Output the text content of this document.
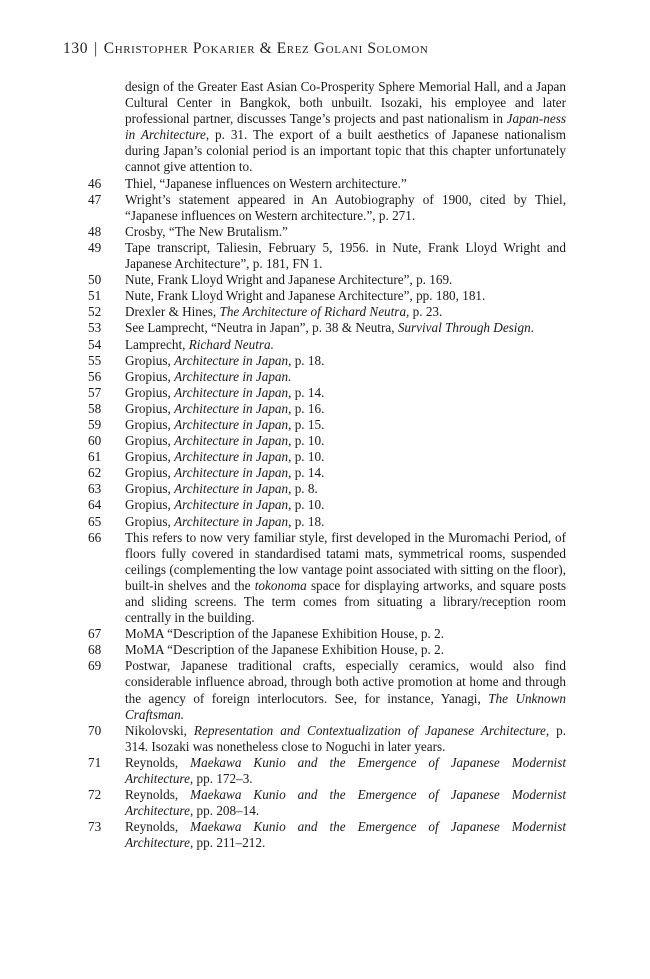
130 | Christopher Pokarier & Erez Golani Solomon
design of the Greater East Asian Co-Prosperity Sphere Memorial Hall, and a Japan Cultural Center in Bangkok, both unbuilt. Isozaki, his employee and later professional partner, discusses Tange’s projects and past nationalism in Japan-ness in Architecture, p. 31. The export of a built aesthetics of Japanese nationalism during Japan’s colonial period is an important topic that this chapter unfortunately cannot give attention to.
46	Thiel, “Japanese influences on Western architecture.”
47	Wright’s statement appeared in An Autobiography of 1900, cited by Thiel, “Japanese influences on Western architecture.”, p. 271.
48	Crosby, “The New Brutalism.”
49	Tape transcript, Taliesin, February 5, 1956. in Nute, Frank Lloyd Wright and Japanese Architecture”, p. 181, FN 1.
50	Nute, Frank Lloyd Wright and Japanese Architecture”, p. 169.
51	Nute, Frank Lloyd Wright and Japanese Architecture”, pp. 180, 181.
52	Drexler & Hines, The Architecture of Richard Neutra, p. 23.
53	See Lamprecht, “Neutra in Japan”, p. 38 & Neutra, Survival Through Design.
54	Lamprecht, Richard Neutra.
55	Gropius, Architecture in Japan, p. 18.
56	Gropius, Architecture in Japan.
57	Gropius, Architecture in Japan, p. 14.
58	Gropius, Architecture in Japan, p. 16.
59	Gropius, Architecture in Japan, p. 15.
60	Gropius, Architecture in Japan, p. 10.
61	Gropius, Architecture in Japan, p. 10.
62	Gropius, Architecture in Japan, p. 14.
63	Gropius, Architecture in Japan, p. 8.
64	Gropius, Architecture in Japan, p. 10.
65	Gropius, Architecture in Japan, p. 18.
66	This refers to now very familiar style, first developed in the Muromachi Period, of floors fully covered in standardised tatami mats, symmetrical rooms, suspended ceilings (complementing the low vantage point associated with sitting on the floor), built-in shelves and the tokonoma space for displaying artworks, and square posts and sliding screens. The term comes from situating a library/reception room centrally in the building.
67	MoMA “Description of the Japanese Exhibition House, p. 2.
68	MoMA “Description of the Japanese Exhibition House, p. 2.
69	Postwar, Japanese traditional crafts, especially ceramics, would also find considerable influence abroad, through both active promotion at home and through the agency of foreign interlocutors. See, for instance, Yanagi, The Unknown Craftsman.
70	Nikolovski, Representation and Contextualization of Japanese Architecture, p. 314. Isozaki was nonetheless close to Noguchi in later years.
71	Reynolds, Maekawa Kunio and the Emergence of Japanese Modernist Architecture, pp. 172–3.
72	Reynolds, Maekawa Kunio and the Emergence of Japanese Modernist Architecture, pp. 208–14.
73	Reynolds, Maekawa Kunio and the Emergence of Japanese Modernist Architecture, pp. 211–212.
